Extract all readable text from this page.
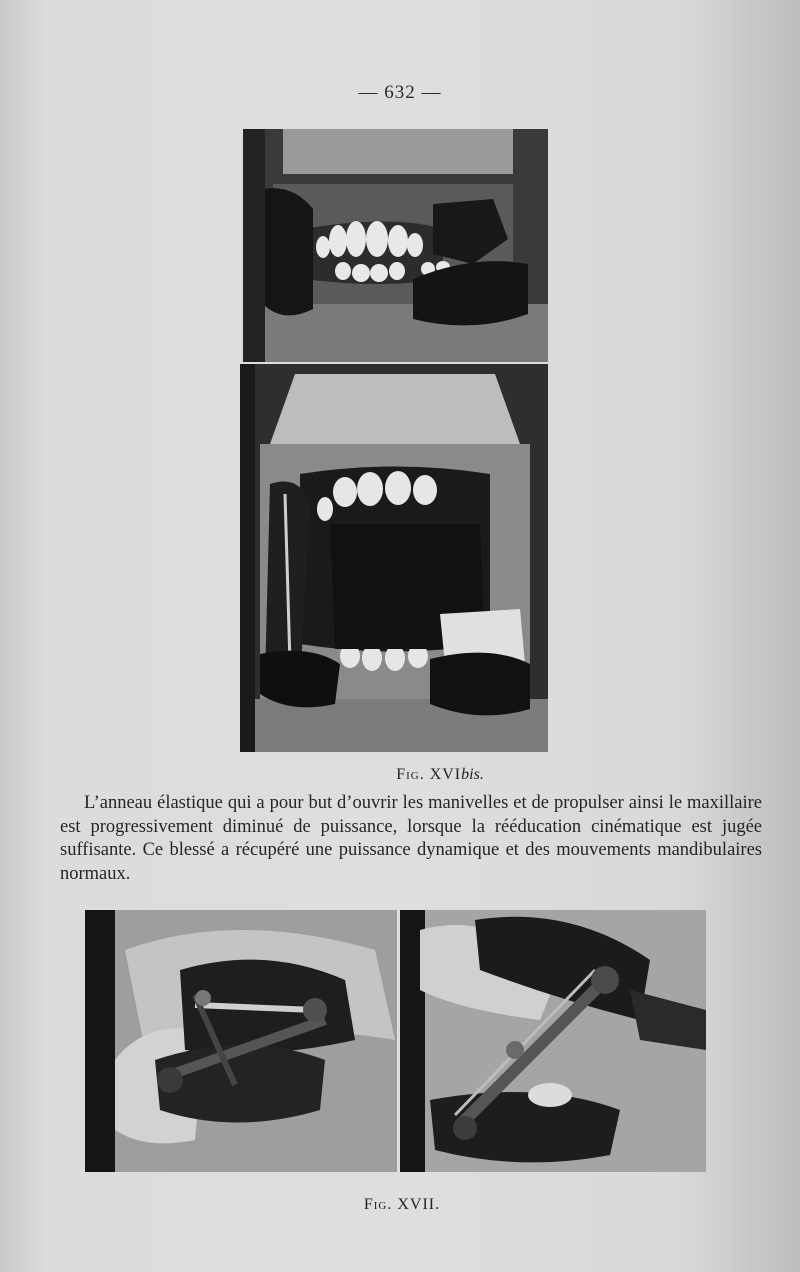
— 632 —
Fig. XVIbis.

L’anneau élastique qui a pour but d’ouvrir les manivelles et de propulser ainsi le maxillaire est progressivement diminué de puissance, lorsque la rééducation cinématique est jugée suffisante. Ce blessé a récupéré une puissance dynamique et des mouvements mandibulaires normaux.

Fig. XVII.
